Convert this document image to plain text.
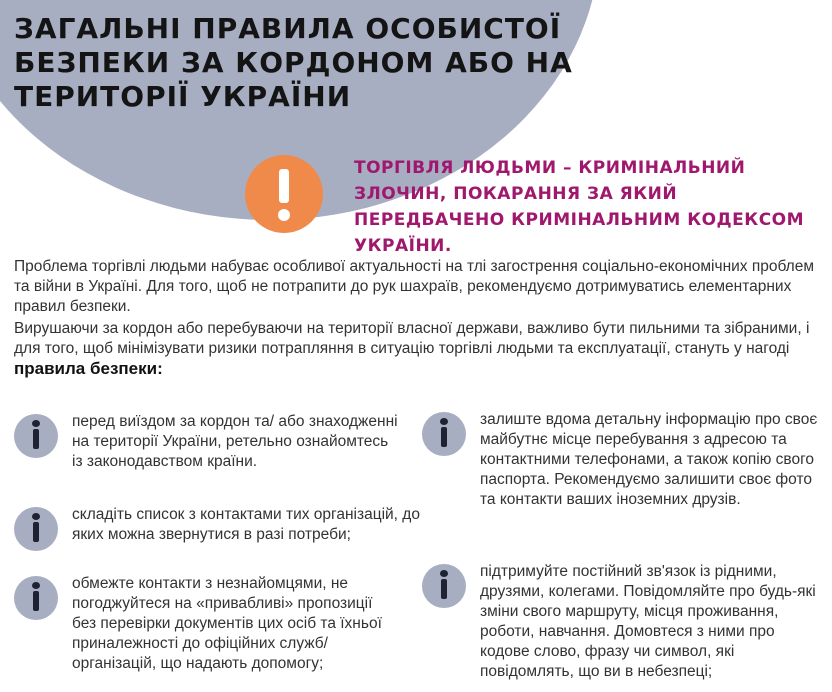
ЗАГАЛЬНІ ПРАВИЛА ОСОБИСТОЇ БЕЗПЕКИ ЗА КОРДОНОМ АБО НА ТЕРИТОРІЇ УКРАЇНИ

ТОРГІВЛЯ ЛЮДЬМИ – КРИМІНАЛЬНИЙ ЗЛОЧИН, ПОКАРАННЯ ЗА ЯКИЙ ПЕРЕДБАЧЕНО КРИМІНАЛЬНИМ КОДЕКСОМ УКРАЇНИ.

Проблема торгівлі людьми набуває особливої актуальності на тлі загострення соціально-економічних проблем та війни в Україні. Для того, щоб не потрапити до рук шахраїв, рекомендуємо дотримуватись елементарних правил безпеки.

Вирушаючи за кордон або перебуваючи на території власної держави, важливо бути пильними та зібраними, і для того, щоб мінімізувати ризики потрапляння в ситуацію торгівлі людьми та експлуатації, стануть у нагоді правила безпеки:

перед виїздом за кордон та/ або знаходженні на території України, ретельно ознайомтесь із законодавством країни.

складіть список з контактами тих організацій, до яких можна звернутися в разі потреби;

обмежте контакти з незнайомцями, не погоджуйтеся на «привабливі» пропозиції без перевірки документів цих осіб та їхньої приналежності до офіційних служб/організацій, що надають допомогу;

залиште вдома детальну інформацію про своє майбутнє місце перебування з адресою та контактними телефонами, а також копію свого паспорта. Рекомендуємо залишити своє фото та контакти ваших іноземних друзів.

підтримуйте постійний зв'язок із рідними, друзями, колегами. Повідомляйте про будь-які зміни свого маршруту, місця проживання, роботи, навчання. Домовтеся з ними про кодове слово, фразу чи символ, які повідомлять, що ви в небезпеці;
